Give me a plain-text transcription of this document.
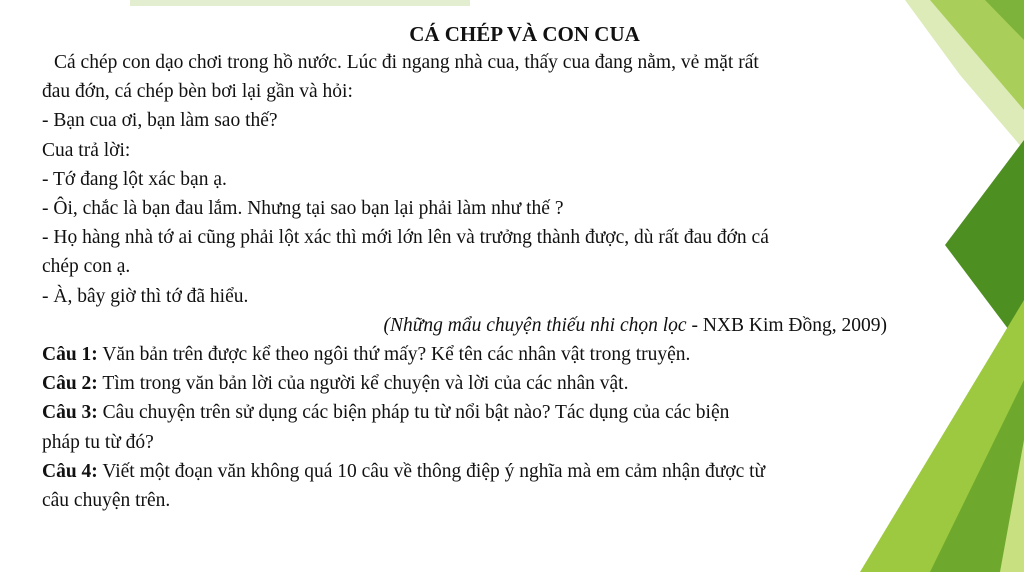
CÁ CHÉP VÀ CON CUA
Cá chép con dạo chơi trong hồ nước. Lúc đi ngang nhà cua, thấy cua đang nằm, vẻ mặt rất
đau đớn, cá chép bèn bơi lại gần và hỏi:
- Bạn cua ơi, bạn làm sao thế?
Cua trả lời:
- Tớ đang lột xác bạn ạ.
- Ôi, chắc là bạn đau lắm. Nhưng tại sao bạn lại phải làm như thế ?
- Họ hàng nhà tớ ai cũng phải lột xác thì mới lớn lên và trưởng thành được, dù rất đau đớn cá
chép con ạ.
- À, bây giờ thì tớ đã hiểu.
(Những mẩu chuyện thiếu nhi chọn lọc - NXB Kim Đồng, 2009)
Câu 1: Văn bản trên được kể theo ngôi thứ mấy? Kể tên các nhân vật trong truyện.
Câu 2: Tìm trong văn bản lời của người kể chuyện và lời của các nhân vật.
Câu 3: Câu chuyện trên sử dụng các biện pháp tu từ nổi bật nào? Tác dụng của các biện
pháp tu từ đó?
Câu 4: Viết một đoạn văn không quá 10 câu về thông điệp ý nghĩa mà em cảm nhận được từ
câu chuyện trên.
